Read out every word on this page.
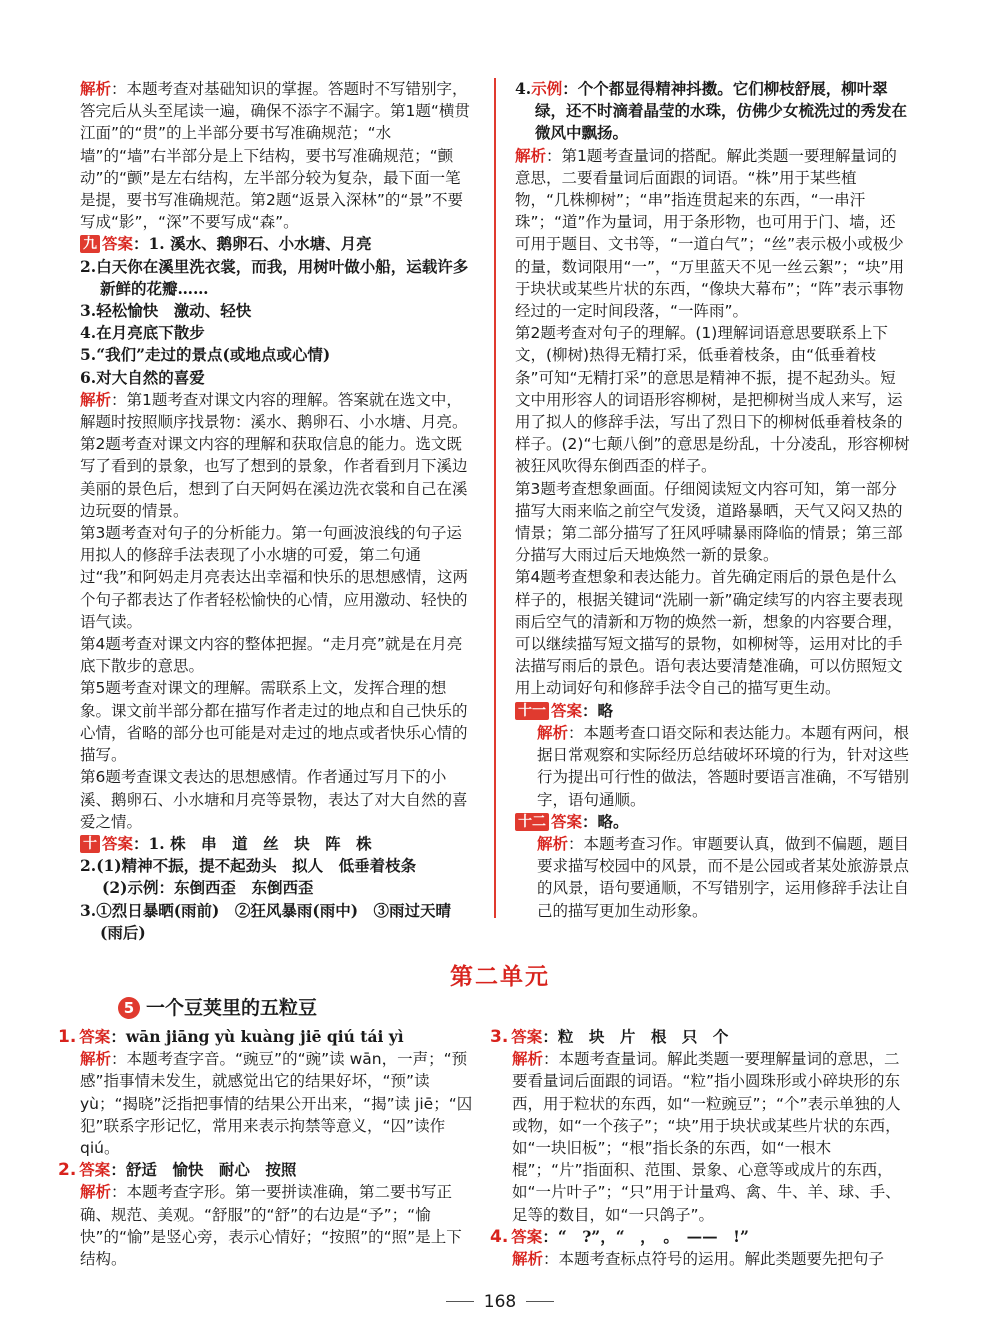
解析：本题考查对基础知识的掌握。答题时不写错别字，答完后从头至尾读一遍，确保不添字不漏字。第1题“横贯江面”的“贯”的上半部分要书写准确规范；“水墙”的“墙”右半部分是上下结构，要书写准确规范；“颤动”的“颤”是左右结构，左半部分较为复杂，最下面一笔是提，要书写准确规范。第2题“返景入深林”的“景”不要写成“影”，“深”不要写成“森”。

九 答案：1. 溪水、鹅卵石、小水塘、月亮

2.白天你在溪里洗衣裳，而我，用树叶做小船，运载许多新鲜的花瓣……

3.轻松愉快　激动、轻快

4.在月亮底下散步

5.“我们”走过的景点(或地点或心情)

6.对大自然的喜爱

解析：第1题考查对课文内容的理解。答案就在选文中，解题时按照顺序找景物：溪水、鹅卵石、小水塘、月亮。

第2题考查对课文内容的理解和获取信息的能力。选文既写了看到的景象，也写了想到的景象，作者看到月下溪边美丽的景色后，想到了白天阿妈在溪边洗衣裳和自己在溪边玩耍的情景。

第3题考查对句子的分析能力。第一句画波浪线的句子运用拟人的修辞手法表现了小水塘的可爱，第二句通过“我”和阿妈走月亮表达出幸福和快乐的思想感情，这两个句子都表达了作者轻松愉快的心情，应用激动、轻快的语气读。

第4题考查对课文内容的整体把握。“走月亮”就是在月亮底下散步的意思。

第5题考查对课文的理解。需联系上文，发挥合理的想象。课文前半部分都在描写作者走过的地点和自己快乐的心情，省略的部分也可能是对走过的地点或者快乐心情的描写。

第6题考查课文表达的思想感情。作者通过写月下的小溪、鹅卵石、小水塘和月亮等景物，表达了对大自然的喜爱之情。

十 答案：1. 株　串　道　丝　块　阵　株

2.(1)精神不振，提不起劲头　拟人　低垂着枝条

(2)示例：东倒西歪　东倒西歪

3.①烈日暴晒(雨前)　②狂风暴雨(雨中)　③雨过天晴(雨后)

4.示例：个个都显得精神抖擞。它们柳枝舒展，柳叶翠绿，还不时滴着晶莹的水珠，仿佛少女梳洗过的秀发在微风中飘扬。

解析：第1题考查量词的搭配。解此类题一要理解量词的意思，二要看量词后面跟的词语。“株”用于某些植物，“几株柳树”；“串”指连贯起来的东西，“一串汗珠”；“道”作为量词，用于条形物，也可用于门、墙，还可用于题目、文书等，“一道白气”；“丝”表示极小或极少的量，数词限用“一”，“万里蓝天不见一丝云絮”；“块”用于块状或某些片状的东西，“像块大幕布”；“阵”表示事物经过的一定时间段落，“一阵雨”。

第2题考查对句子的理解。(1)理解词语意思要联系上下文，(柳树)热得无精打采，低垂着枝条，由“低垂着枝条”可知“无精打采”的意思是精神不振，提不起劲头。短文中用形容人的词语形容柳树，是把柳树当成人来写，运用了拟人的修辞手法，写出了烈日下的柳树低垂着枝条的样子。(2)“七颠八倒”的意思是纷乱，十分凌乱，形容柳树被狂风吹得东倒西歪的样子。

第3题考查想象画面。仔细阅读短文内容可知，第一部分描写大雨来临之前空气发烫，道路暴晒，天气又闷又热的情景；第二部分描写了狂风呼啸暴雨降临的情景；第三部分描写大雨过后天地焕然一新的景象。

第4题考查想象和表达能力。首先确定雨后的景色是什么样子的，根据关键词“洗刷一新”确定续写的内容主要表现雨后空气的清新和万物的焕然一新，想象的内容要合理，可以继续描写短文描写的景物，如柳树等，运用对比的手法描写雨后的景色。语句表达要清楚准确，可以仿照短文用上动词好句和修辞手法令自己的描写更生动。

十一 答案：略

解析：本题考查口语交际和表达能力。本题有两问，根据日常观察和实际经历总结破坏环境的行为，针对这些行为提出可行性的做法，答题时要语言准确，不写错别字，语句通顺。

十二 答案：略。

解析：本题考查习作。审题要认真，做到不偏题，题目要求描写校园中的风景，而不是公园或者某处旅游景点的风景，语句要通顺，不写错别字，运用修辞手法让自己的描写更加生动形象。

第二单元
5 一个豆荚里的五粒豆

1. 答案：wān jiāng yù kuàng jiē qiú tái yì

解析：本题考查字音。“豌豆”的“豌”读 wān，一声；“预感”指事情未发生，就感觉出它的结果好坏，“预”读 yù；“揭晓”泛指把事情的结果公开出来，“揭”读 jiē；“囚犯”联系字形记忆，常用来表示拘禁等意义，“囚”读作 qiú。

2. 答案：舒适　愉快　耐心　按照

解析：本题考查字形。第一要拼读准确，第二要书写正确、规范、美观。“舒服”的“舒”的右边是“予”；“愉快”的“愉”是竖心旁，表示心情好；“按照”的“照”是上下结构。

3. 答案：粒　块　片　根　只　个

解析：本题考查量词。解此类题一要理解量词的意思，二要看量词后面跟的词语。“粒”指小圆珠形或小碎块形的东西，用于粒状的东西，如“一粒豌豆”；“个”表示单独的人或物，如“一个孩子”；“块”用于块状或某些片状的东西，如“一块旧板”；“根”指长条的东西，如“一根木棍”；“片”指面积、范围、景象、心意等或成片的东西，如“一片叶子”；“只”用于计量鸡、禽、牛、羊、球、手、足等的数目，如“一只鸽子”。

4. 答案：“　?”，“　，　。　——　!”

解析：本题考查标点符号的运用。解此类题要先把句子

168
